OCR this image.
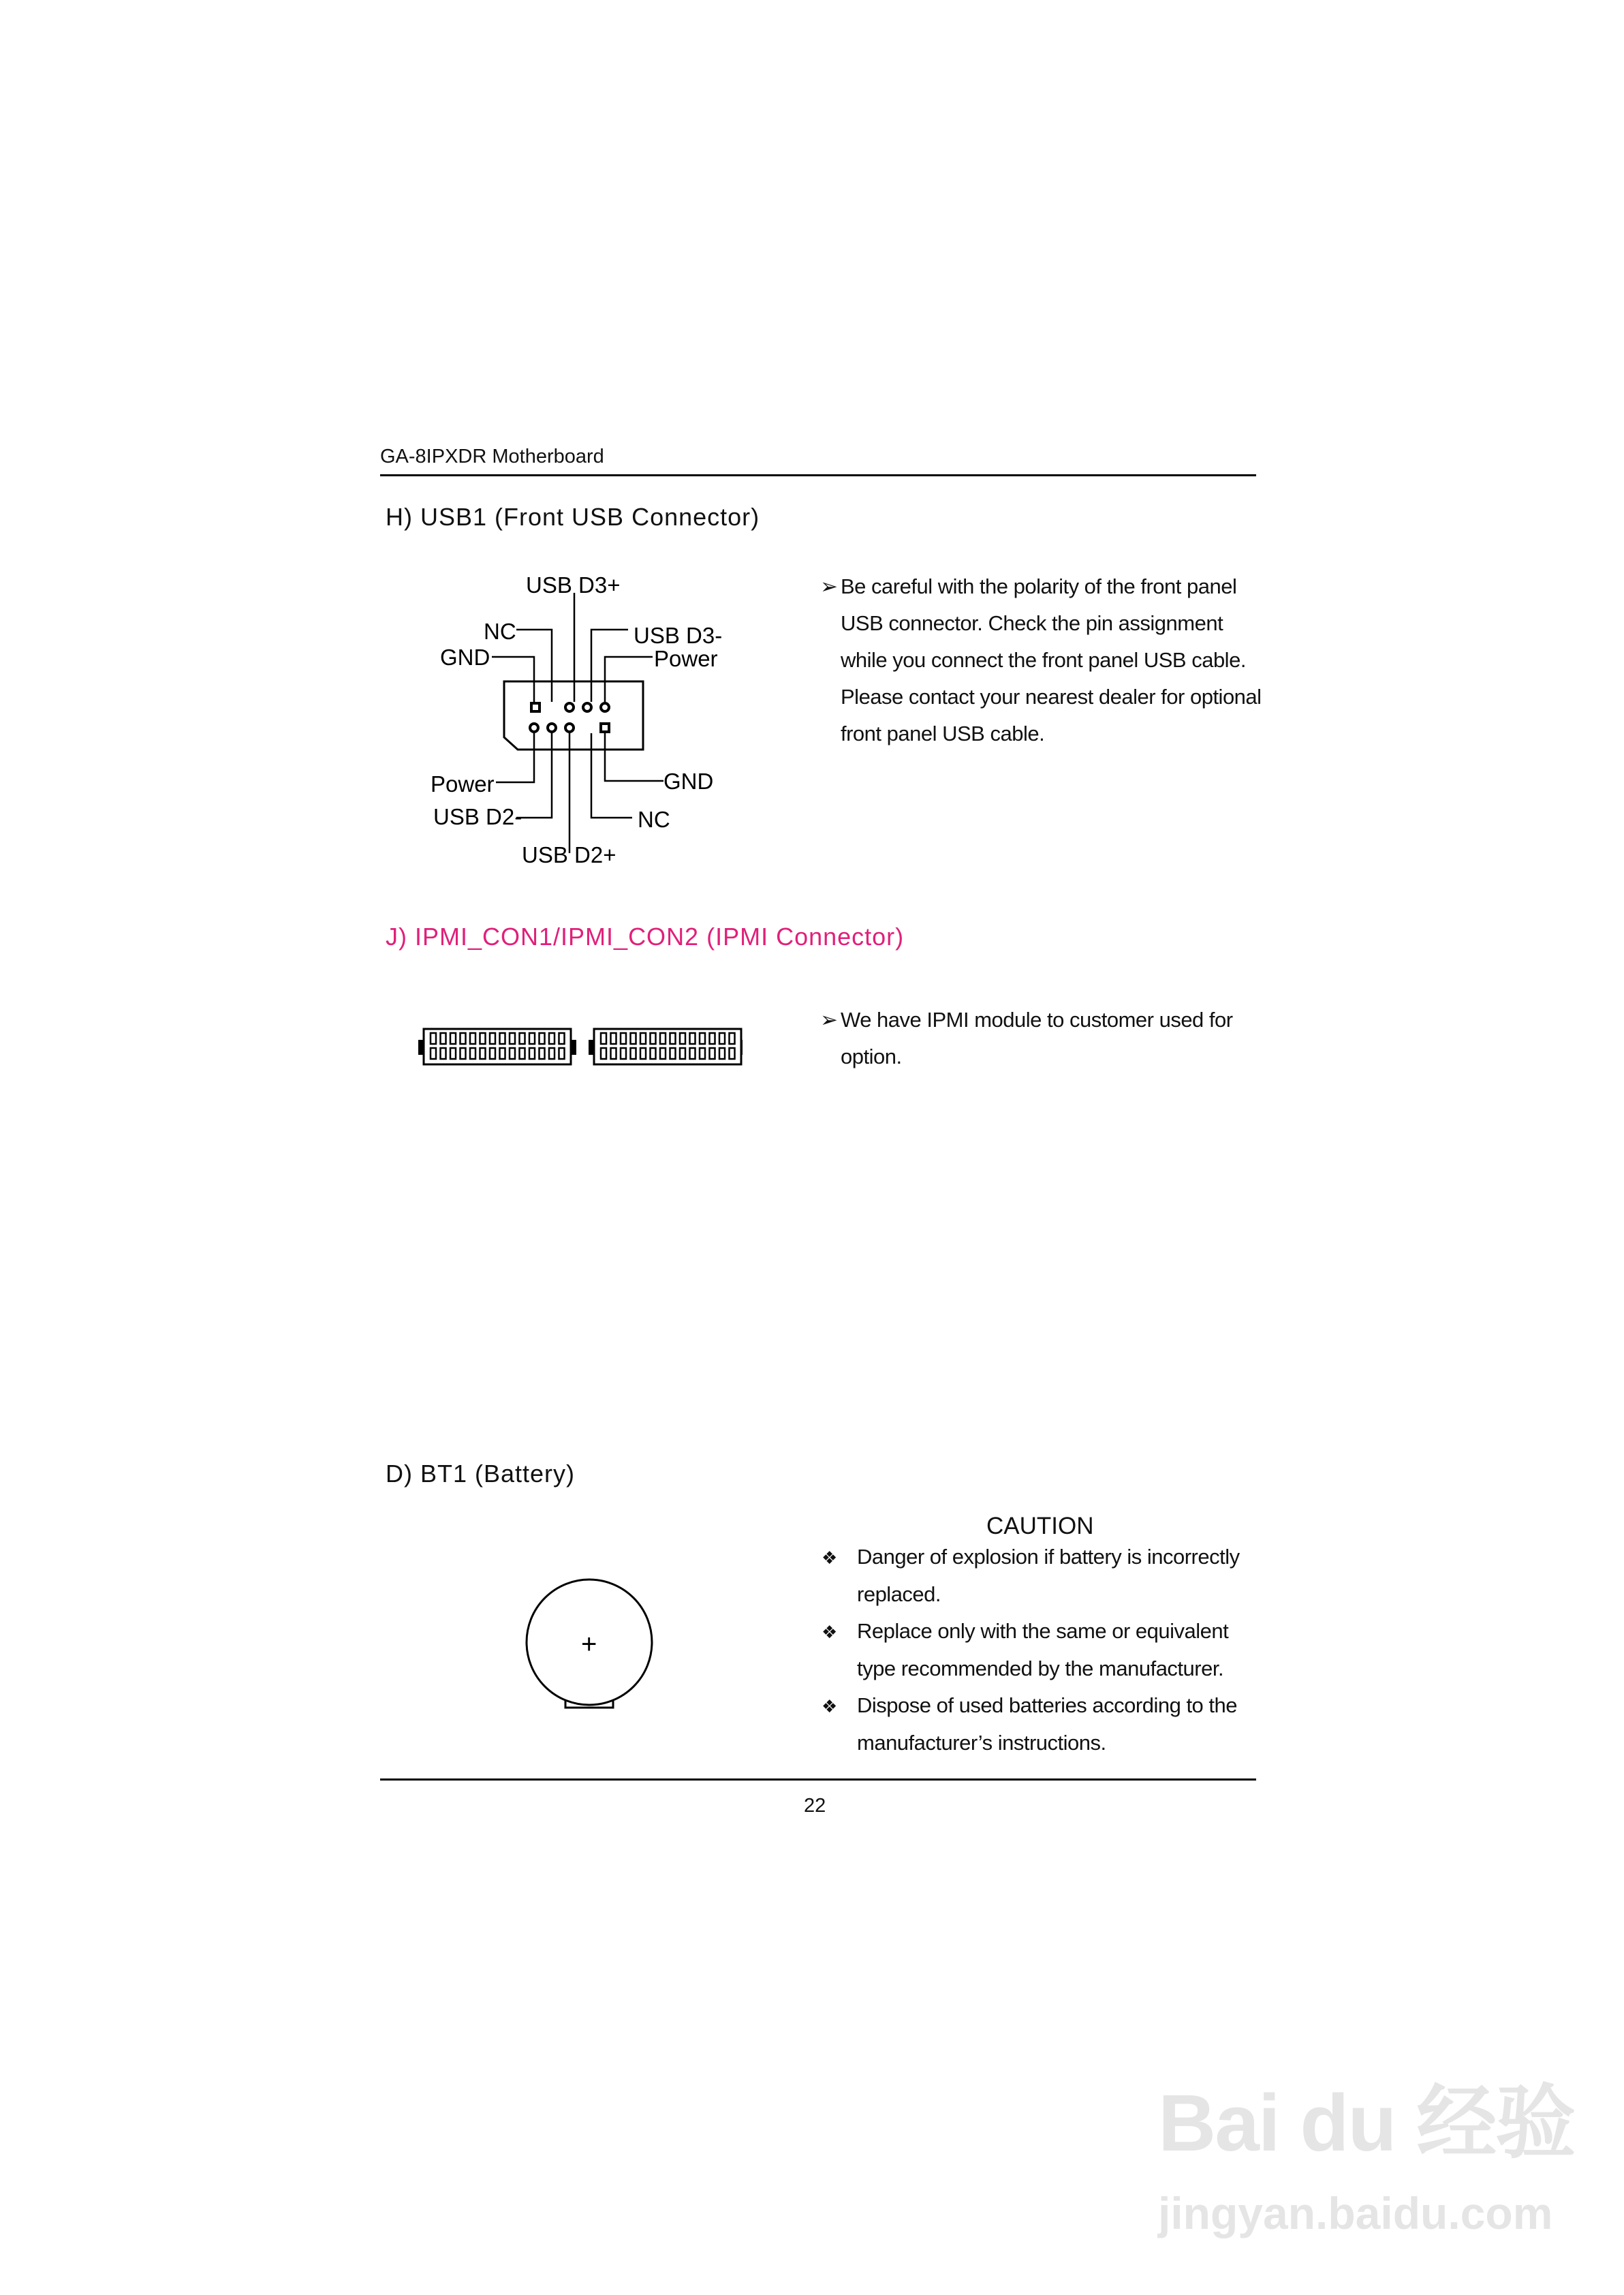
GA-8IPXDR Motherboard
H) USB1 (Front USB Connector)
USB D3+
NC	USB D3-
GND	Power
Power	GND
USB D2-	NC
USB D2+
➢ Be careful with the polarity of the front panel
USB connector. Check the pin assignment
while you connect the front panel USB cable.
Please contact your nearest dealer for optional
front panel USB cable.
J) IPMI_CON1/IPMI_CON2 (IPMI Connector)
➢ We have IPMI module to customer used for
option.
D) BT1 (Battery)
+
CAUTION
❖ Danger of explosion if battery is incorrectly
replaced.
❖ Replace only with the same or equivalent
type recommended by the manufacturer.
❖ Dispose of used batteries according to the
manufacturer’s instructions.
22
Bai du 经验
jingyan.baidu.com
